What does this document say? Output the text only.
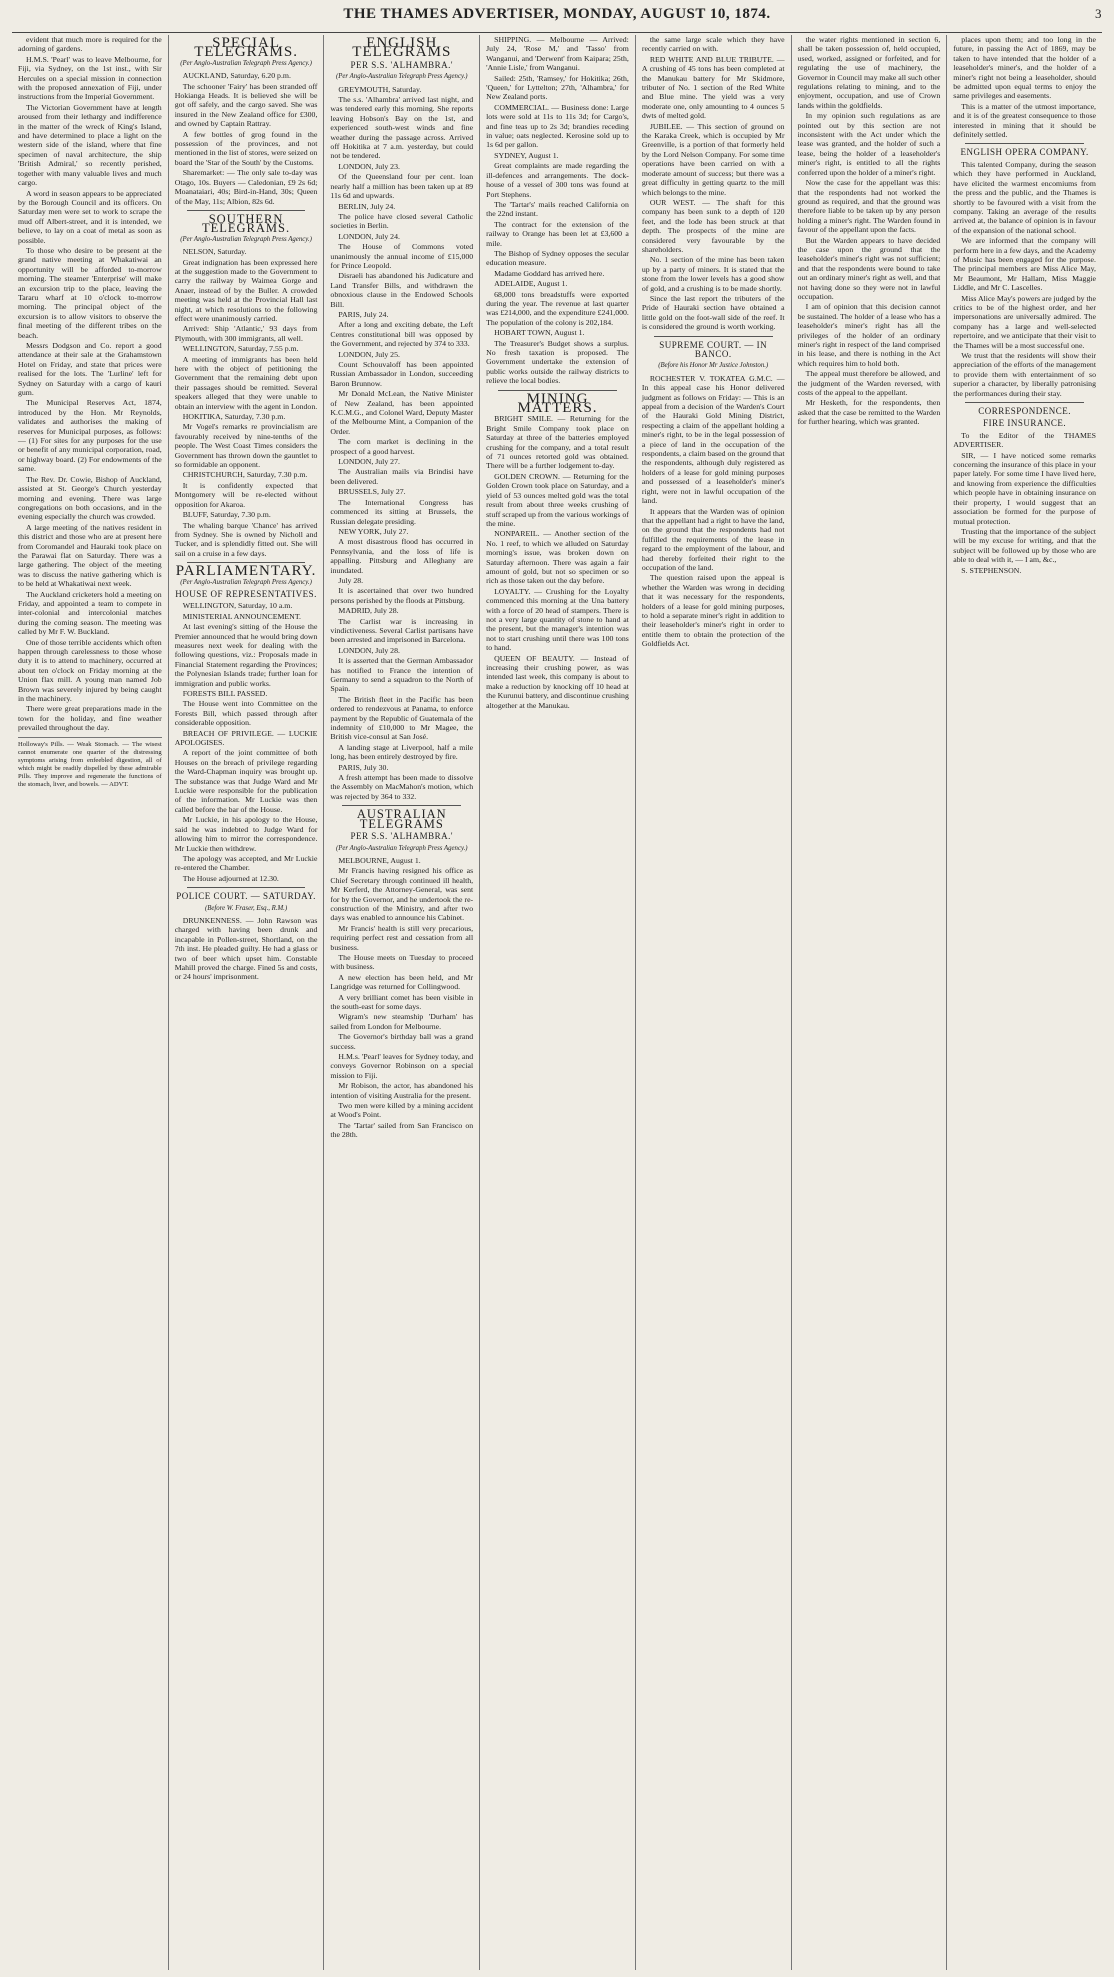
THE THAMES ADVERTISER, MONDAY, AUGUST 10, 1874.	3

evident that much more is required for the adorning of gardens.

H.M.S. 'Pearl' was to leave Melbourne, for Fiji, via Sydney, on the 1st inst., with Sir Hercules on a special mission in connection with the proposed annexation of Fiji, under instructions from the Imperial Government.

The Victorian Government have at length aroused from their lethargy and indifference in the matter of the wreck of King's Island, and have determined to place a light on the western side of the island, where that fine specimen of naval architecture, the ship 'British Admiral,' so recently perished, together with many valuable lives and much cargo.

A word in season appears to be appreciated by the Borough Council and its officers. On Saturday men were set to work to scrape the mud off Albert-street, and it is intended, we believe, to lay on a coat of metal as soon as possible.

To those who desire to be present at the grand native meeting at Whakatiwai an opportunity will be afforded to-morrow morning. The steamer 'Enterprise' will make an excursion trip to the place, leaving the Tararu wharf at 10 o'clock to-morrow morning. The principal object of the excursion is to allow visitors to observe the final meeting of the different tribes on the beach.

Messrs Dodgson and Co. report a good attendance at their sale at the Grahamstown Hotel on Friday, and state that prices were realised for the lots. The 'Lurline' left for Sydney on Saturday with a cargo of kauri gum.

The Municipal Reserves Act, 1874, introduced by the Hon. Mr Reynolds, validates and authorises the making of reserves for Municipal purposes, as follows: — (1) For sites for any purposes for the use or benefit of any municipal corporation, road, or highway board. (2) For endowments of the same.

The Rev. Dr. Cowie, Bishop of Auckland, assisted at St. George's Church yesterday morning and evening. There was large congregations on both occasions, and in the evening especially the church was crowded.

A large meeting of the natives resident in this district and those who are at present here from Coromandel and Hauraki took place on the Parawai flat on Saturday. There was a large gathering. The object of the meeting was to discuss the native gathering which is to be held at Whakatiwai next week.

The Auckland cricketers hold a meeting on Friday, and appointed a team to compete in inter-colonial and intercolonial matches during the coming season. The meeting was called by Mr F. W. Buckland.

One of those terrible accidents which often happen through carelessness to those whose duty it is to attend to machinery, occurred at about ten o'clock on Friday morning at the Union flax mill. A young man named Job Brown was severely injured by being caught in the machinery.

There were great preparations made in the town for the holiday, and fine weather prevailed throughout the day.

Holloway's Pills. — Weak Stomach. — The wisest cannot enumerate one quarter of the distressing symptoms arising from enfeebled digestion, all of which might be readily dispelled by these admirable Pills. They improve and regenerate the functions of the stomach, liver, and bowels. — ADVT.
SPECIAL TELEGRAMS.
(Per Anglo-Australian Telegraph Press Agency.)

AUCKLAND, Saturday, 6.20 p.m.

The schooner 'Fairy' has been stranded off Hokianga Heads. It is believed she will be got off safely, and the cargo saved. She was insured in the New Zealand office for £300, and owned by Captain Rattray.

A few bottles of grog found in the possession of the provinces, and not mentioned in the list of stores, were seized on board the 'Star of the South' by the Customs.

Sharemarket: — The only sale to-day was Otago, 10s. Buyers — Caledonian, £9 2s 6d; Moanataiari, 40s; Bird-in-Hand, 30s; Queen of the May, 11s; Albion, 82s 6d.

SOUTHERN TELEGRAMS.
(Per Anglo-Australian Telegraph Press Agency.)

NELSON, Saturday.

Great indignation has been expressed here at the suggestion made to the Government to carry the railway by Waimea Gorge and Anaer, instead of by the Buller. A crowded meeting was held at the Provincial Hall last night, at which resolutions to the following effect were unanimously carried.

Arrived: Ship 'Atlantic,' 93 days from Plymouth, with 300 immigrants, all well.

WELLINGTON, Saturday, 7.55 p.m.

A meeting of immigrants has been held here with the object of petitioning the Government that the remaining debt upon their passages should be remitted. Several speakers alleged that they were unable to obtain an interview with the agent in London.

HOKITIKA, Saturday, 7.30 p.m.

Mr Vogel's remarks re provincialism are favourably received by nine-tenths of the people. The West Coast Times considers the Government has thrown down the gauntlet to so formidable an opponent.

CHRISTCHURCH, Saturday, 7.30 p.m.

It is confidently expected that Montgomery will be re-elected without opposition for Akaroa.

BLUFF, Saturday, 7.30 p.m.

The whaling barque 'Chance' has arrived from Sydney. She is owned by Nicholl and Tucker, and is splendidly fitted out. She will sail on a cruise in a few days.

PARLIAMENTARY.
(Per Anglo-Australian Telegraph Press Agency.)
HOUSE OF REPRESENTATIVES.

WELLINGTON, Saturday, 10 a.m.

MINISTERIAL ANNOUNCEMENT.

At last evening's sitting of the House the Premier announced that he would bring down measures next week for dealing with the following questions, viz.: Proposals made in Financial Statement regarding the Provinces; the Polynesian Islands trade; further loan for immigration and public works.

FORESTS BILL PASSED.

The House went into Committee on the Forests Bill, which passed through after considerable opposition.

BREACH OF PRIVILEGE. — LUCKIE APOLOGISES.

A report of the joint committee of both Houses on the breach of privilege regarding the Ward-Chapman inquiry was brought up. The substance was that Judge Ward and Mr Luckie were responsible for the publication of the information. Mr Luckie was then called before the bar of the House.

Mr Luckie, in his apology to the House, said he was indebted to Judge Ward for allowing him to mirror the correspondence. Mr Luckie then withdrew.

The apology was accepted, and Mr Luckie re-entered the Chamber.

The House adjourned at 12.30.

POLICE COURT. — SATURDAY.
(Before W. Fraser, Esq., R.M.)

DRUNKENNESS. — John Rawson was charged with having been drunk and incapable in Pollen-street, Shortland, on the 7th inst. He pleaded guilty. He had a glass or two of beer which upset him. Constable Mahill proved the charge. Fined 5s and costs, or 24 hours' imprisonment.

ENGLISH TELEGRAMS
PER S.S. 'ALHAMBRA.'
(Per Anglo-Australian Telegraph Press Agency.)

GREYMOUTH, Saturday.

The s.s. 'Alhambra' arrived last night, and was tendered early this morning. She reports leaving Hobson's Bay on the 1st, and experienced south-west winds and fine weather during the passage across. Arrived off Hokitika at 7 a.m. yesterday, but could not be tendered.

LONDON, July 23.

Of the Queensland four per cent. loan nearly half a million has been taken up at 89 11s 6d and upwards.

BERLIN, July 24.

The police have closed several Catholic societies in Berlin.

LONDON, July 24.

The House of Commons voted unanimously the annual income of £15,000 for Prince Leopold.

Disraeli has abandoned his Judicature and Land Transfer Bills, and withdrawn the obnoxious clause in the Endowed Schools Bill.

PARIS, July 24.

After a long and exciting debate, the Left Centres constitutional bill was opposed by the Government, and rejected by 374 to 333.

LONDON, July 25.

Count Schouvaloff has been appointed Russian Ambassador in London, succeeding Baron Brunnow.

Mr Donald McLean, the Native Minister of New Zealand, has been appointed K.C.M.G., and Colonel Ward, Deputy Master of the Melbourne Mint, a Companion of the Order.

The corn market is declining in the prospect of a good harvest.

LONDON, July 27.

The Australian mails via Brindisi have been delivered.

BRUSSELS, July 27.

The International Congress has commenced its sitting at Brussels, the Russian delegate presiding.

NEW YORK, July 27.

A most disastrous flood has occurred in Pennsylvania, and the loss of life is appalling. Pittsburg and Alleghany are inundated.

July 28.

It is ascertained that over two hundred persons perished by the floods at Pittsburg.

MADRID, July 28.

The Carlist war is increasing in vindictiveness. Several Carlist partisans have been arrested and imprisoned in Barcelona.

LONDON, July 28.

It is asserted that the German Ambassador has notified to France the intention of Germany to send a squadron to the North of Spain.

The British fleet in the Pacific has been ordered to rendezvous at Panama, to enforce payment by the Republic of Guatemala of the indemnity of £10,000 to Mr Magee, the British vice-consul at San José.

A landing stage at Liverpool, half a mile long, has been entirely destroyed by fire.

PARIS, July 30.

A fresh attempt has been made to dissolve the Assembly on MacMahon's motion, which was rejected by 364 to 332.

AUSTRALIAN TELEGRAMS
PER S.S. 'ALHAMBRA.'
(Per Anglo-Australian Telegraph Press Agency.)

MELBOURNE, August 1.

Mr Francis having resigned his office as Chief Secretary through continued ill health, Mr Kerferd, the Attorney-General, was sent for by the Governor, and he undertook the re-construction of the Ministry, and after two days was enabled to announce his Cabinet.

Mr Francis' health is still very precarious, requiring perfect rest and cessation from all business.

The House meets on Tuesday to proceed with business.

A new election has been held, and Mr Langridge was returned for Collingwood.

A very brilliant comet has been visible in the south-east for some days.

Wigram's new steamship 'Durham' has sailed from London for Melbourne.

The Governor's birthday ball was a grand success.

H.M.s. 'Pearl' leaves for Sydney today, and conveys Governor Robinson on a special mission to Fiji.

Mr Robison, the actor, has abandoned his intention of visiting Australia for the present.

Two men were killed by a mining accident at Wood's Point.

The 'Tartar' sailed from San Francisco on the 28th.

SHIPPING. — Melbourne — Arrived: July 24, 'Rose M,' and 'Tasso' from Wanganui, and 'Derwent' from Kaipara; 25th, 'Annie Lisle,' from Wanganui.

Sailed: 25th, 'Ramsey,' for Hokitika; 26th, 'Queen,' for Lyttelton; 27th, 'Alhambra,' for New Zealand ports.

COMMERCIAL. — Business done: Large lots were sold at 11s to 11s 3d; for Cargo's, and fine teas up to 2s 3d; brandies receding in value; oats neglected. Kerosine sold up to 1s 6d per gallon.

SYDNEY, August 1.

Great complaints are made regarding the ill-defences and arrangements. The dock-house of a vessel of 300 tons was found at Port Stephens.

The 'Tartar's' mails reached California on the 22nd instant.

The contract for the extension of the railway to Orange has been let at £3,600 a mile.

The Bishop of Sydney opposes the secular education measure.

Madame Goddard has arrived here.

ADELAIDE, August 1.

68,000 tons breadstuffs were exported during the year. The revenue at last quarter was £214,000, and the expenditure £241,000. The population of the colony is 202,184.

HOBART TOWN, August 1.

The Treasurer's Budget shows a surplus. No fresh taxation is proposed. The Government undertake the extension of public works outside the railway districts to relieve the local bodies.

MINING MATTERS.

BRIGHT SMILE. — Returning for the Bright Smile Company took place on Saturday at three of the batteries employed crushing for the company, and a total result of 71 ounces retorted gold was obtained. There will be a further lodgement to-day.

GOLDEN CROWN. — Returning for the Golden Crown took place on Saturday, and a yield of 53 ounces melted gold was the total result from about three weeks crushing of stuff scraped up from the various workings of the mine.

NONPAREIL. — Another section of the No. 1 reef, to which we alluded on Saturday morning's issue, was broken down on Saturday afternoon. There was again a fair amount of gold, but not so specimen or so rich as those taken out the day before.

LOYALTY. — Crushing for the Loyalty commenced this morning at the Una battery with a force of 20 head of stampers. There is not a very large quantity of stone to hand at the present, but the manager's intention was not to start crushing until there was 100 tons to hand.

QUEEN OF BEAUTY. — Instead of increasing their crushing power, as was intended last week, this company is about to make a reduction by knocking off 10 head at the Kurunui battery, and discontinue crushing altogether at the Manukau.

the same large scale which they have recently carried on with.

RED WHITE AND BLUE TRIBUTE. — A crushing of 45 tons has been completed at the Manukau battery for Mr Skidmore, tributer of No. 1 section of the Red White and Blue mine. The yield was a very moderate one, only amounting to 4 ounces 5 dwts of melted gold.

JUBILEE. — This section of ground on the Karaka Creek, which is occupied by Mr Greenville, is a portion of that formerly held by the Lord Nelson Company. For some time operations have been carried on with a moderate amount of success; but there was a great difficulty in getting quartz to the mill which belongs to the mine.

OUR WEST. — The shaft for this company has been sunk to a depth of 120 feet, and the lode has been struck at that depth. The prospects of the mine are considered very favourable by the shareholders.

No. 1 section of the mine has been taken up by a party of miners. It is stated that the stone from the lower levels has a good show of gold, and a crushing is to be made shortly.

Since the last report the tributers of the Pride of Hauraki section have obtained a little gold on the foot-wall side of the reef. It is considered the ground is worth working.

SUPREME COURT. — IN BANCO.
(Before his Honor Mr Justice Johnston.)

ROCHESTER V. TOKATEA G.M.C. — In this appeal case his Honor delivered judgment as follows on Friday: — This is an appeal from a decision of the Warden's Court of the Hauraki Gold Mining District, respecting a claim of the appellant holding a miner's right, to be in the legal possession of a piece of land in the occupation of the respondents, a claim based on the ground that the respondents, although duly registered as holders of a lease for gold mining purposes and possessed of a leaseholder's miner's right, were not in lawful occupation of the land.

It appears that the Warden was of opinion that the appellant had a right to have the land, on the ground that the respondents had not fulfilled the requirements of the lease in regard to the employment of the labour, and had thereby forfeited their right to the occupation of the land.

The question raised upon the appeal is whether the Warden was wrong in deciding that it was necessary for the respondents, holders of a lease for gold mining purposes, to hold a separate miner's right in addition to their leaseholder's miner's right in order to entitle them to obtain the protection of the Goldfields Act.

the water rights mentioned in section 6, shall be taken possession of, held occupied, used, worked, assigned or forfeited, and for regulating the use of machinery, the Governor in Council may make all such other regulations relating to mining, and to the enjoyment, occupation, and use of Crown lands within the goldfields.

In my opinion such regulations as are pointed out by this section are not inconsistent with the Act under which the lease was granted, and the holder of such a lease, being the holder of a leaseholder's miner's right, is entitled to all the rights conferred upon the holder of a miner's right.

Now the case for the appellant was this: that the respondents had not worked the ground as required, and that the ground was therefore liable to be taken up by any person holding a miner's right. The Warden found in favour of the appellant upon the facts.

But the Warden appears to have decided the case upon the ground that the leaseholder's miner's right was not sufficient; and that the respondents were bound to take out an ordinary miner's right as well, and that not having done so they were not in lawful occupation.

I am of opinion that this decision cannot be sustained. The holder of a lease who has a leaseholder's miner's right has all the privileges of the holder of an ordinary miner's right in respect of the land comprised in his lease, and there is nothing in the Act which requires him to hold both.

The appeal must therefore be allowed, and the judgment of the Warden reversed, with costs of the appeal to the appellant.

Mr Hesketh, for the respondents, then asked that the case be remitted to the Warden for further hearing, which was granted.

places upon them; and too long in the future, in passing the Act of 1869, may be taken to have intended that the holder of a leaseholder's miner's, and the holder of a miner's right not being a leaseholder, should be admitted upon equal terms to enjoy the same privileges and easements.

This is a matter of the utmost importance, and it is of the greatest consequence to those interested in mining that it should be definitely settled.

ENGLISH OPERA COMPANY.

This talented Company, during the season which they have performed in Auckland, have elicited the warmest encomiums from the press and the public, and the Thames is shortly to be favoured with a visit from the company. Taking an average of the results arrived at, the balance of opinion is in favour of the expansion of the national school.

We are informed that the company will perform here in a few days, and the Academy of Music has been engaged for the purpose. The principal members are Miss Alice May, Mr Beaumont, Mr Hallam, Miss Maggie Liddle, and Mr C. Lascelles.

Miss Alice May's powers are judged by the critics to be of the highest order, and her impersonations are universally admired. The company has a large and well-selected repertoire, and we anticipate that their visit to the Thames will be a most successful one.

We trust that the residents will show their appreciation of the efforts of the management to provide them with entertainment of so superior a character, by liberally patronising the performances during their stay.

CORRESPONDENCE.
FIRE INSURANCE.

To the Editor of the THAMES ADVERTISER.

SIR, — I have noticed some remarks concerning the insurance of this place in your paper lately. For some time I have lived here, and knowing from experience the difficulties which people have in obtaining insurance on their property, I would suggest that an association be formed for the purpose of mutual protection.

Trusting that the importance of the subject will be my excuse for writing, and that the subject will be followed up by those who are able to deal with it, — I am, &c.,

S. STEPHENSON.
